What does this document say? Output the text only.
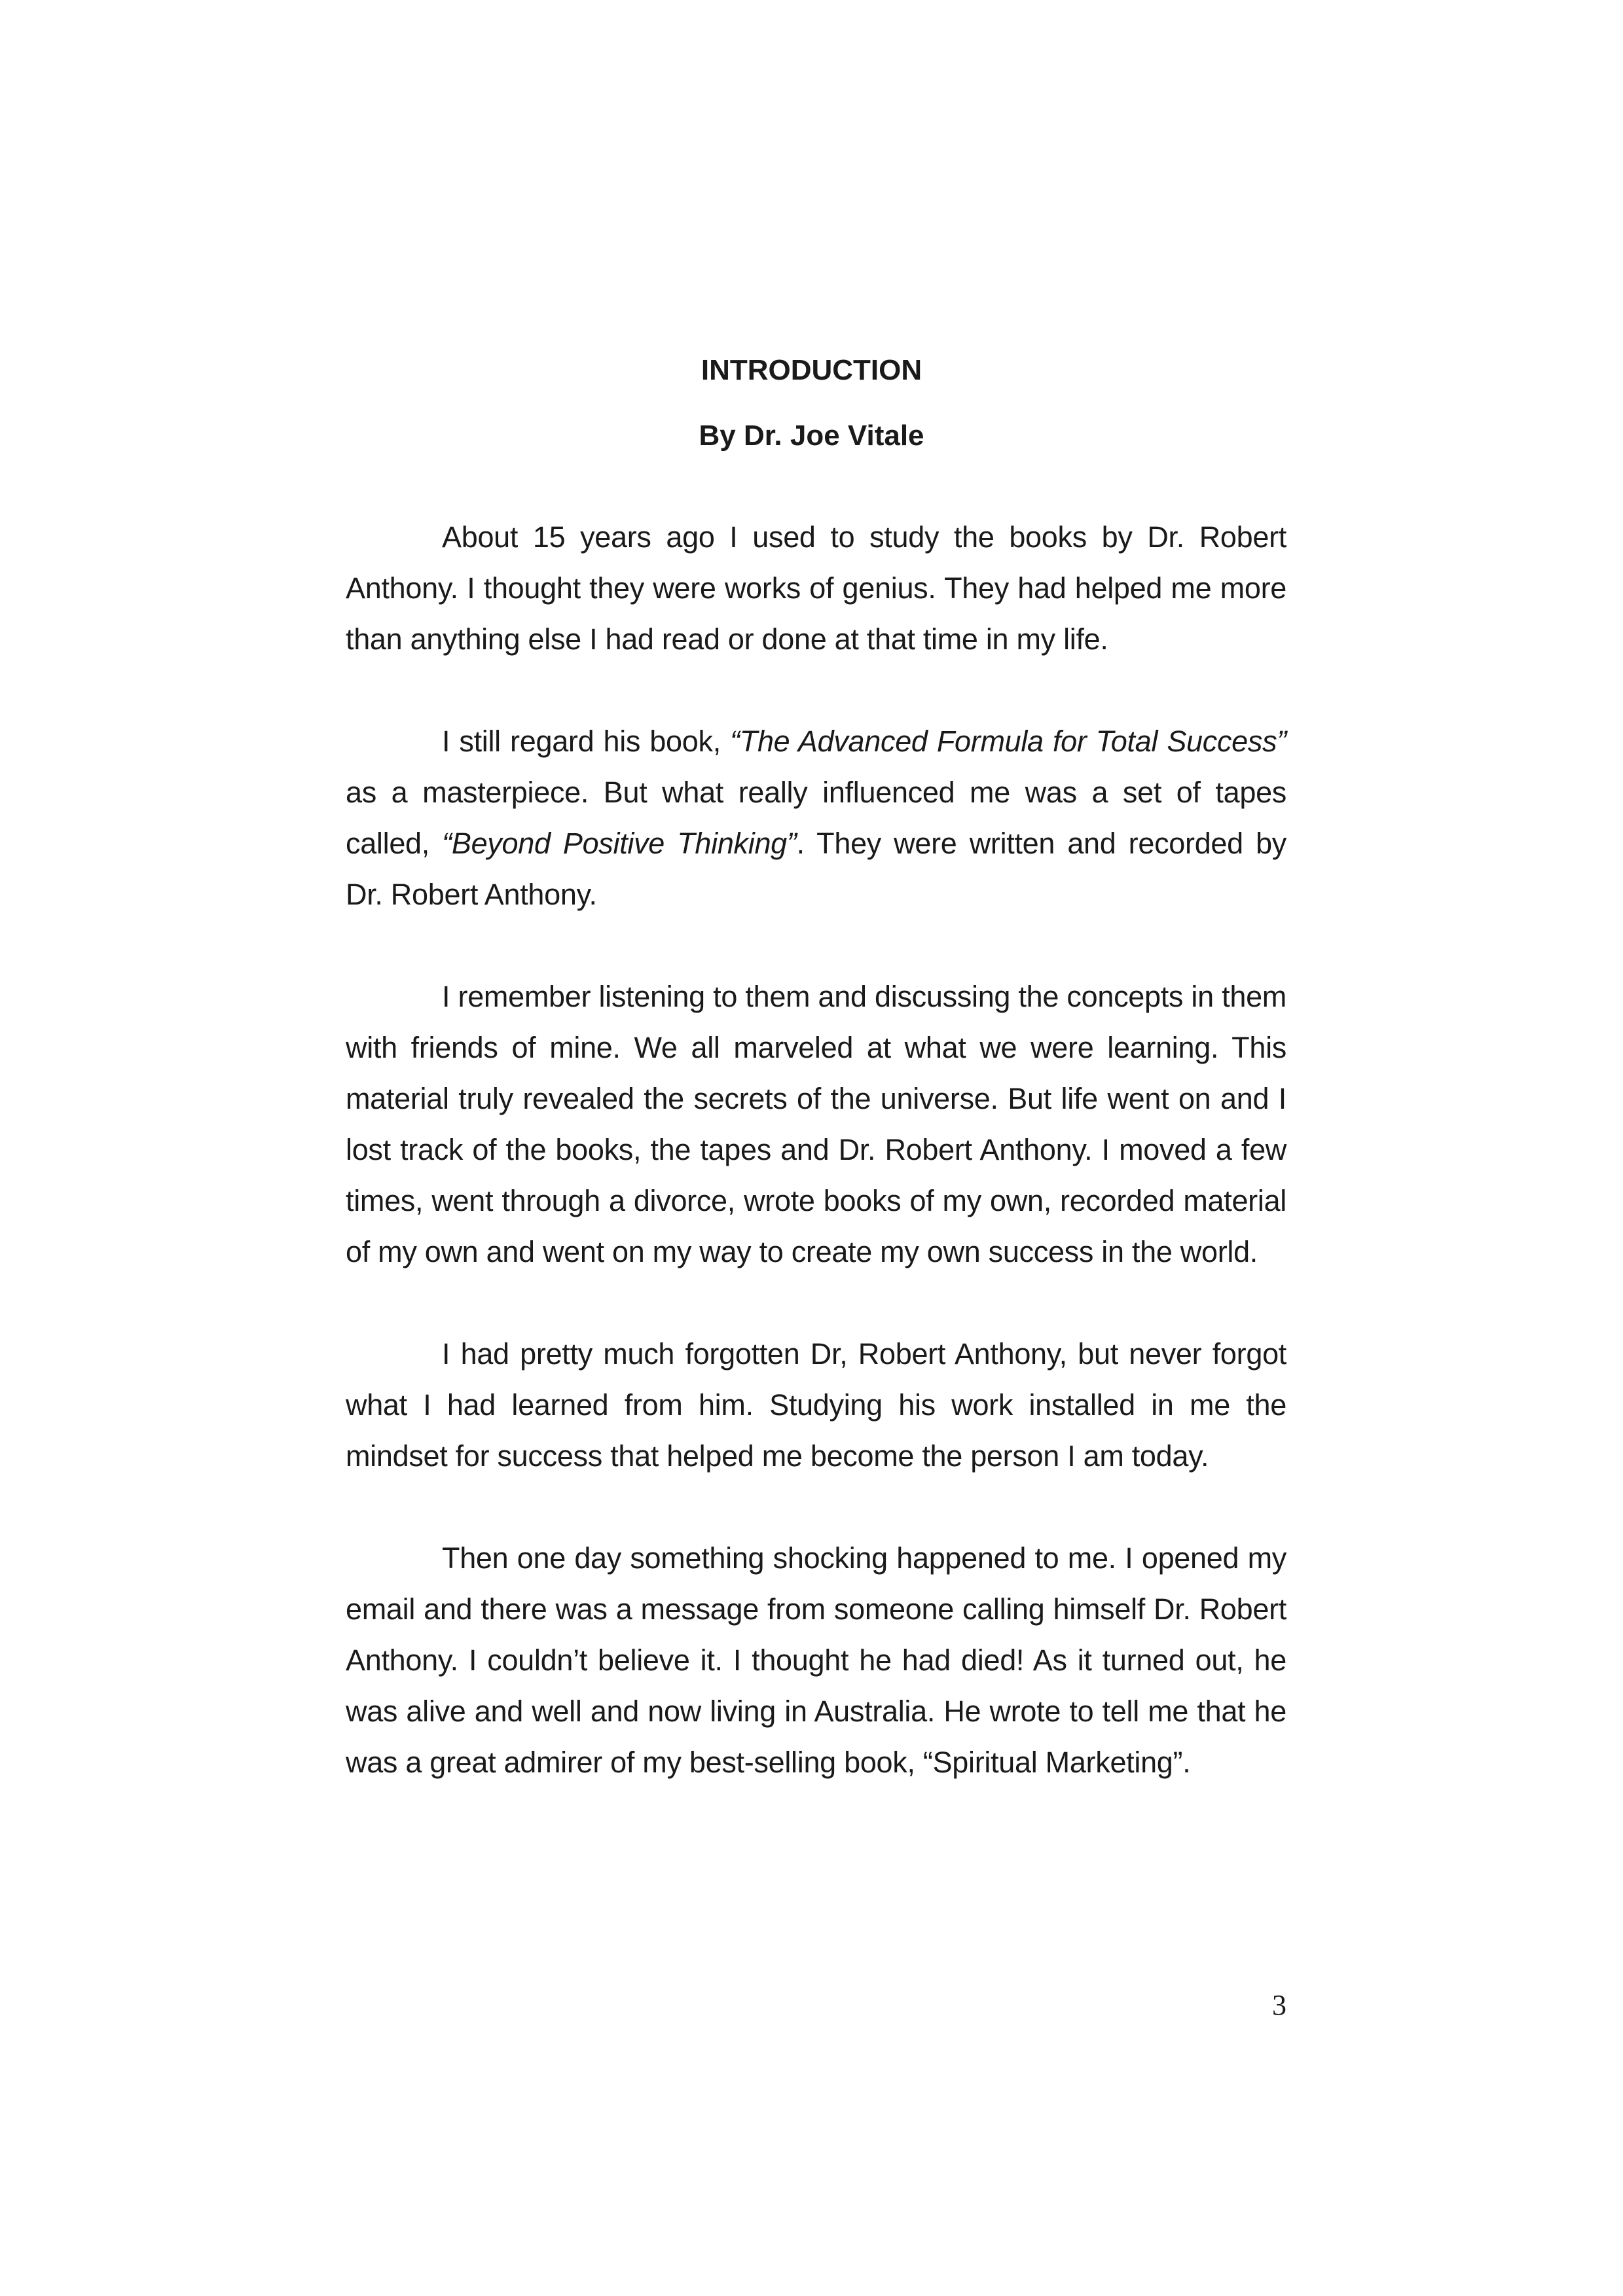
INTRODUCTION
By Dr. Joe Vitale

About 15 years ago I used to study the books by Dr. Robert Anthony. I thought they were works of genius. They had helped me more than anything else I had read or done at that time in my life.

I still regard his book, “The Advanced Formula for Total Success” as a masterpiece. But what really influenced me was a set of tapes called, “Beyond Positive Thinking”. They were written and recorded by Dr. Robert Anthony.

I remember listening to them and discussing the concepts in them with friends of mine. We all marveled at what we were learning. This material truly revealed the secrets of the universe. But life went on and I lost track of the books, the tapes and Dr. Robert Anthony. I moved a few times, went through a divorce, wrote books of my own, recorded material of my own and went on my way to create my own success in the world.

I had pretty much forgotten Dr, Robert Anthony, but never forgot what I had learned from him. Studying his work installed in me the mindset for success that helped me become the person I am today.

Then one day something shocking happened to me. I opened my email and there was a message from someone calling himself Dr. Robert Anthony. I couldn’t believe it. I thought he had died! As it turned out, he was alive and well and now living in Australia. He wrote to tell me that he was a great admirer of my best-selling book, “Spiritual Marketing”.

3
